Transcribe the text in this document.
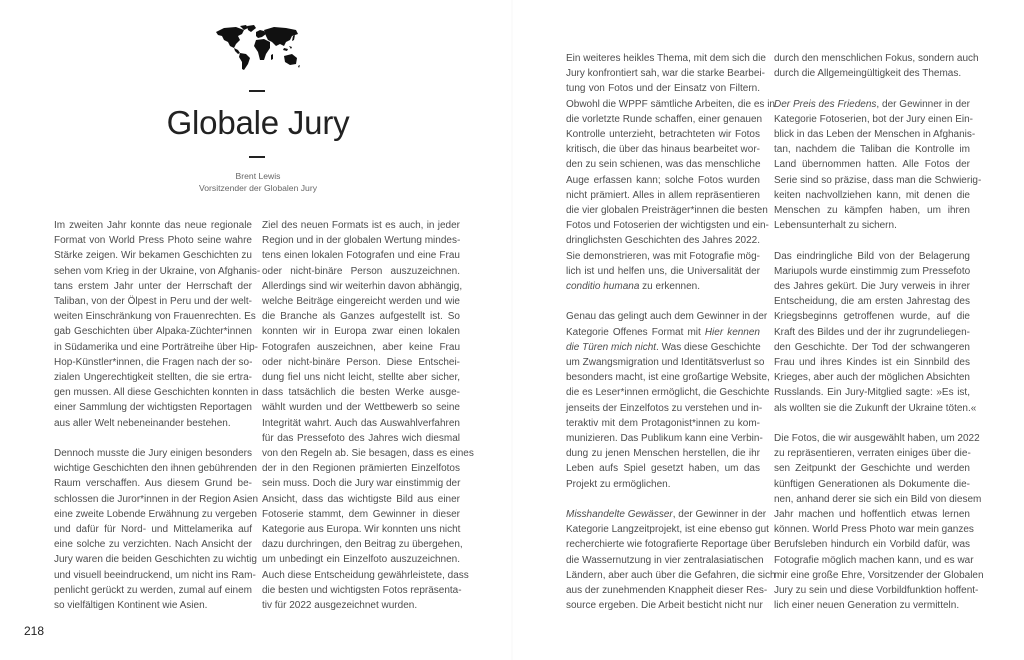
Globale Jury
Brent Lewis
Vorsitzender der Globalen Jury
Im zweiten Jahr konnte das neue regionale
Format von World Press Photo seine wahre
Stärke zeigen. Wir bekamen Geschichten zu
sehen vom Krieg in der Ukraine, von Afghanis-
tans erstem Jahr unter der Herrschaft der
Taliban, von der Ölpest in Peru und der welt-
weiten Einschränkung von Frauenrechten. Es
gab Geschichten über Alpaka-Züchter*innen
in Südamerika und eine Porträtreihe über Hip-
Hop-Künstler*innen, die Fragen nach der so-
zialen Ungerechtigkeit stellten, die sie ertra-
gen mussen. All diese Geschichten konnten in
einer Sammlung der wichtigsten Reportagen
aus aller Welt nebeneinander bestehen.
Dennoch musste die Jury einigen besonders
wichtige Geschichten den ihnen gebührenden
Raum verschaffen. Aus diesem Grund be-
schlossen die Juror*innen in der Region Asien
eine zweite Lobende Erwähnung zu vergeben
und dafür für Nord- und Mittelamerika auf
eine solche zu verzichten. Nach Ansicht der
Jury waren die beiden Geschichten zu wichtig
und visuell beeindruckend, um nicht ins Ram-
penlicht gerückt zu werden, zumal auf einem
so vielfältigen Kontinent wie Asien.
Ziel des neuen Formats ist es auch, in jeder
Region und in der globalen Wertung mindes-
tens einen lokalen Fotografen und eine Frau
oder nicht-binäre Person auszuzeichnen.
Allerdings sind wir weiterhin davon abhängig,
welche Beiträge eingereicht werden und wie
die Branche als Ganzes aufgestellt ist. So
konnten wir in Europa zwar einen lokalen
Fotografen auszeichnen, aber keine Frau
oder nicht-binäre Person. Diese Entschei-
dung fiel uns nicht leicht, stellte aber sicher,
dass tatsächlich die besten Werke ausge-
wählt wurden und der Wettbewerb so seine
Integrität wahrt. Auch das Auswahlverfahren
für das Pressefoto des Jahres wich diesmal
von den Regeln ab. Sie besagen, dass es eines
der in den Regionen prämierten Einzelfotos
sein muss. Doch die Jury war einstimmig der
Ansicht, dass das wichtigste Bild aus einer
Fotoserie stammt, dem Gewinner in dieser
Kategorie aus Europa. Wir konnten uns nicht
dazu durchringen, den Beitrag zu übergehen,
um unbedingt ein Einzelfoto auszuzeichnen.
Auch diese Entscheidung gewährleistete, dass
die besten und wichtigsten Fotos repräsenta-
tiv für 2022 ausgezeichnet wurden.
Ein weiteres heikles Thema, mit dem sich die
Jury konfrontiert sah, war die starke Bearbei-
tung von Fotos und der Einsatz von Filtern.
Obwohl die WPPF sämtliche Arbeiten, die es in
die vorletzte Runde schaffen, einer genauen
Kontrolle unterzieht, betrachteten wir Fotos
kritisch, die über das hinaus bearbeitet wor-
den zu sein schienen, was das menschliche
Auge erfassen kann; solche Fotos wurden
nicht prämiert. Alles in allem repräsentieren
die vier globalen Preisträger*innen die besten
Fotos und Fotoserien der wichtigsten und ein-
dringlichsten Geschichten des Jahres 2022.
Sie demonstrieren, was mit Fotografie mög-
lich ist und helfen uns, die Universalität der
conditio humana zu erkennen.
Genau das gelingt auch dem Gewinner in der
Kategorie Offenes Format mit Hier kennen
die Türen mich nicht. Was diese Geschichte
um Zwangsmigration und Identitätsverlust so
besonders macht, ist eine großartige Website,
die es Leser*innen ermöglicht, die Geschichte
jenseits der Einzelfotos zu verstehen und in-
teraktiv mit dem Protagonist*innen zu kom-
munizieren. Das Publikum kann eine Verbin-
dung zu jenen Menschen herstellen, die ihr
Leben aufs Spiel gesetzt haben, um das
Projekt zu ermöglichen.
Misshandelte Gewässer, der Gewinner in der
Kategorie Langzeitprojekt, ist eine ebenso gut
recherchierte wie fotografierte Reportage über
die Wassernutzung in vier zentralasiatischen
Ländern, aber auch über die Gefahren, die sich
aus der zunehmenden Knappheit dieser Res-
source ergeben. Die Arbeit besticht nicht nur
durch den menschlichen Fokus, sondern auch
durch die Allgemeingültigkeit des Themas.
Der Preis des Friedens, der Gewinner in der
Kategorie Fotoserien, bot der Jury einen Ein-
blick in das Leben der Menschen in Afghanis-
tan, nachdem die Taliban die Kontrolle im
Land übernommen hatten. Alle Fotos der
Serie sind so präzise, dass man die Schwierig-
keiten nachvollziehen kann, mit denen die
Menschen zu kämpfen haben, um ihren
Lebensunterhalt zu sichern.
Das eindringliche Bild von der Belagerung
Mariupols wurde einstimmig zum Pressefoto
des Jahres gekürt. Die Jury verweis in ihrer
Entscheidung, die am ersten Jahrestag des
Kriegsbeginns getroffenen wurde, auf die
Kraft des Bildes und der ihr zugrundeliegen-
den Geschichte. Der Tod der schwangeren
Frau und ihres Kindes ist ein Sinnbild des
Krieges, aber auch der möglichen Absichten
Russlands. Ein Jury-Mitglied sagte: »Es ist,
als wollten sie die Zukunft der Ukraine töten.«
Die Fotos, die wir ausgewählt haben, um 2022
zu repräsentieren, verraten einiges über die-
sen Zeitpunkt der Geschichte und werden
künftigen Generationen als Dokumente die-
nen, anhand derer sie sich ein Bild von diesem
Jahr machen und hoffentlich etwas lernen
können. World Press Photo war mein ganzes
Berufsleben hindurch ein Vorbild dafür, was
Fotografie möglich machen kann, und es war
mir eine große Ehre, Vorsitzender der Globalen
Jury zu sein und diese Vorbildfunktion hoffent-
lich einer neuen Generation zu vermitteln.
218
